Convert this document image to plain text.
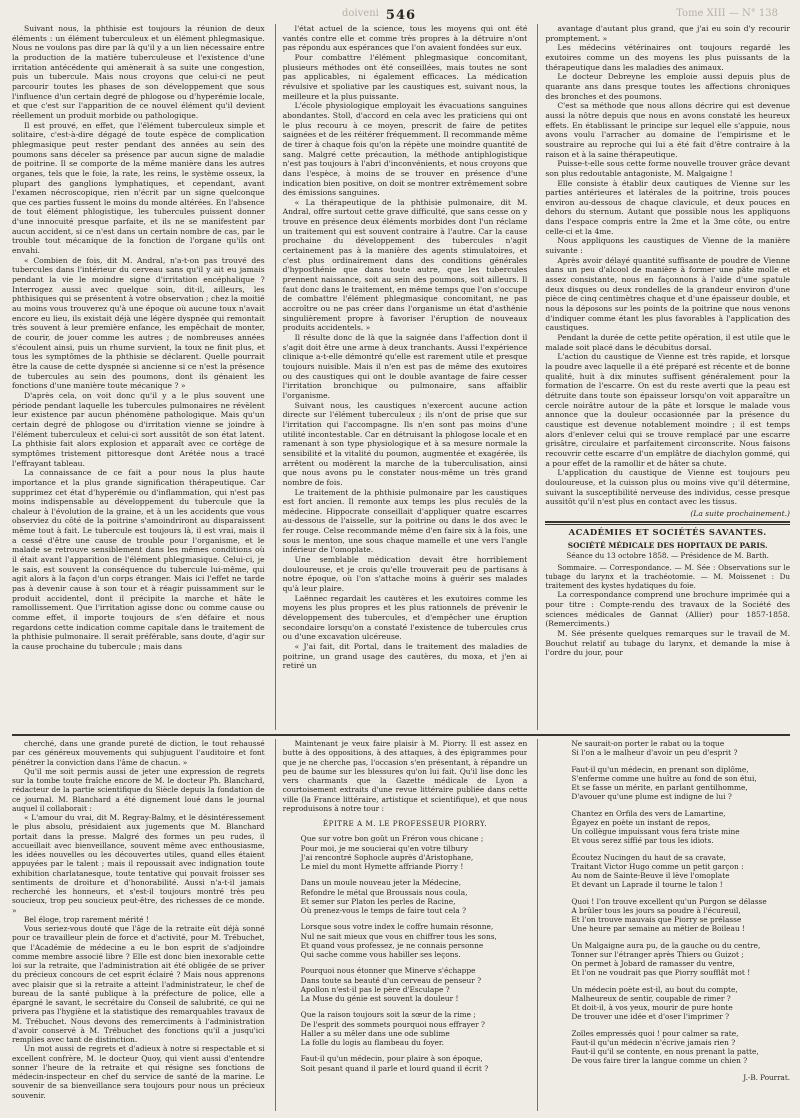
doiveni 546	Tome XIII — N° 138

Suivant nous, la phthisie est toujours la réunion de deux éléments : un élément tuberculeux et un élément phlegmasique. Nous ne voulons pas dire par là qu'il y a un lien nécessaire entre la production de la matière tuberculeuse et l'existence d'une irritation antécédente qui amènerait à sa suite une congestion, puis un tubercule. Mais nous croyons que celui-ci ne peut parcourir toutes les phases de son développement que sous l'influence d'un certain degré de phlogose ou d'hyperémie locale, et que c'est sur l'apparition de ce nouvel élément qu'il devient réellement un produit morbide ou pathologique.

Il est prouvé, en effet, que l'élément tuberculeux simple et solitaire, c'est-à-dire dégagé de toute espèce de complication phlegmasique peut rester pendant des années au sein des poumons sans déceler sa présence par aucun signe de maladie de poitrine. Il se comporte de la même manière dans les autres organes, tels que le foie, la rate, les reins, le système osseux, la plupart des ganglions lymphatiques, et cependant, avant l'examen nécroscopique, rien n'écrit par un signe quelconque que ces parties fussent le moins du monde altérées. En l'absence de tout élément phlogistique, les tubercules puissent donner d'une innocuité presque parfaite, et ils ne se manifestent par aucun accident, si ce n'est dans un certain nombre de cas, par le trouble tout mécanique de la fonction de l'organe qu'ils ont envahi.

« Combien de fois, dit M. Andral, n'a-t-on pas trouvé des tubercules dans l'intérieur du cerveau sans qu'il y ait eu jamais pendant la vie le moindre signe d'irritation encéphalique ? Interrogez aussi avec quelque soin, dit-il, ailleurs, les phthisiques qui se présentent à votre observation ; chez la moitié au moins vous trouverez qu'à une époque où aucune toux n'avait encore eu lieu, ils existait déjà une légère dyspnée qui remontait très souvent à leur première enfance, les empêchait de monter, de courir, de jouer comme les autres ; de nombreuses années s'écoulent ainsi, puis un rhume survient, la toux ne finit plus, et tous les symptômes de la phthisie se déclarent. Quelle pourrait être la cause de cette dyspnée si ancienne si ce n'est la présence de tubercules au sein des poumons, dont ils génaient les fonctions d'une manière toute mécanique ? »

D'après cela, on voit donc qu'il y a le plus souvent une période pendant laquelle les tubercules pulmonaires ne révèlent leur existence par aucun phénomène pathologique. Mais qu'un certain degré de phlogose ou d'irritation vienne se joindre à l'élément tuberculeux et celui-ci sort aussitôt de son état latent. La phthisie fait alors explosion et apparaît avec ce cortège de symptômes tristement pittoresque dont Arétée nous a tracé l'effrayant tableau.

La connaissance de ce fait a pour nous la plus haute importance et la plus grande signification thérapeutique. Car supprimez cet état d'hyperémie ou d'inflammation, qui n'est pas moins indispensable au développement du tubercule que la chaleur à l'évolution de la graine, et à un les accidents que vous observiez du côté de la poitrine s'amoindriront au disparaissent même tout à fait. Le tubercule est toujours là, il est vrai, mais il a cessé d'être une cause de trouble pour l'organisme, et le malade se retrouve sensiblement dans les mêmes conditions où il était avant l'apparition de l'élément phlegmasique. Celui-ci, je le sais, est souvent la conséquence du tubercule lui-même, qui agit alors à la façon d'un corps étranger. Mais ici l'effet ne tarde pas à devenir cause à son tour et à réagir puissamment sur le produit accidentel, dont il précipite la marche et hâte le ramollissement. Que l'irritation agisse donc ou comme cause ou comme effet, il importe toujours de s'en défaire et nous regardons cette indication comme capitale dans le traitement de la phthisie pulmonaire. Il serait préférable, sans doute, d'agir sur la cause prochaine du tubercule ; mais dans

l'état actuel de la science, tous les moyens qui ont été vantés contre elle et comme très propres à la détruire n'ont pas répondu aux espérances que l'on avaient fondées sur eux.

Pour combattre l'élément phlegmasique concomitant, plusieurs méthodes ont été conseillées, mais toutes ne sont pas applicables, ni également efficaces. La médication révulsive et spoliative par les caustiques est, suivant nous, la meilleure et la plus puissante.

L'école physiologique employait les évacuations sanguines abondantes. Stoll, d'accord en cela avec les praticiens qui ont le plus recouru à ce moyen, prescrit de faire de petites saignées et de les réitérer fréquemment. Il recommande même de tirer à chaque fois qu'on la répète une moindre quantité de sang. Malgré cette précaution, la méthode antiphlogistique n'est pas toujours à l'abri d'inconvénients, et nous croyons que dans l'espèce, à moins de se trouver en présence d'une indication bien positive, on doit se montrer extrêmement sobre des émissions sanguines.

« La thérapeutique de la phthisie pulmonaire, dit M. Andral, offre surtout cette grave difficulté, que sans cesse on y trouve en présence deux éléments morbides dont l'un réclame un traitement qui est souvent contraire à l'autre. Car la cause prochaine du développement des tubercules n'agit certainement pas à la manière des agents stimulatoires, et c'est plus ordinairement dans des conditions générales d'hyposthénie que dans toute autre, que les tubercules prennent naissance, soit au sein des poumons, soit ailleurs. Il faut donc dans le traitement, en même temps que l'on s'occupe de combattre l'élément phlegmasique concomitant, ne pas accroître ou ne pas créer dans l'organisme un état d'asthénie singulièrement propre à favoriser l'éruption de nouveaux produits accidentels. »

Il résulte donc de là que la saignée dans l'affection dont il s'agit doit être une arme à deux tranchants. Aussi l'expérience clinique a-t-elle démontré qu'elle est rarement utile et presque toujours nuisible. Mais il n'en est pas de même des exutoires ou des caustiques qui ont le double avantage de faire cesser l'irritation bronchique ou pulmonaire, sans affaiblir l'organisme.

Suivant nous, les caustiques n'exercent aucune action directe sur l'élément tuberculeux ; ils n'ont de prise que sur l'irritation qui l'accompagne. Ils n'en sont pas moins d'une utilité incontestable. Car en détruisant la phlogose locale et en ramenant à son type physiologique et à sa mesure normale la sensibilité et la vitalité du poumon, augmentée et exagérée, ils arrêtent ou modèrent la marche de la tuberculisation, ainsi que nous avons pu le constater nous-même un très grand nombre de fois.

Le traitement de la phthisie pulmonaire par les caustiques est fort ancien. Il remonte aux temps les plus reculés de la médecine. Hippocrate conseillait d'appliquer quatre escarres au-dessous de l'aisselle, sur la poitrine ou dans le dos avec le fer rouge. Celse recommande même d'en faire six à la fois, une sous le menton, une sous chaque mamelle et une vers l'angle inférieur de l'omoplate.

Une semblable médication devait être horriblement douloureuse, et je crois qu'elle trouverait peu de partisans à notre époque, où l'on s'attache moins à guérir ses malades qu'à leur plaire.

Laënnec regardait les cautères et les exutoires comme les moyens les plus propres et les plus rationnels de prévenir le développement des tubercules, et d'empêcher une éruption secondaire lorsqu'on a constaté l'existence de tubercules crus ou d'une excavation ulcéreuse.

« J'ai fait, dit Portal, dans le traitement des maladies de poitrine, un grand usage des cautères, du moxa, et j'en ai retiré un

avantage d'autant plus grand, que j'ai eu soin d'y recourir promptement. »

Les médecins vétérinaires ont toujours regardé les exutoires comme un des moyens les plus puissants de la thérapeutique dans les maladies des animaux.

Le docteur Debreyne les emploie aussi depuis plus de quarante ans dans presque toutes les affections chroniques des bronches et des poumons.

C'est sa méthode que nous allons décrire qui est devenue aussi la nôtre depuis que nous en avons constaté les heureux effets. En établissant le principe sur lequel elle s'appuie, nous avons voulu l'arracher au domaine de l'empirisme et le soustraire au reproche qui lui a été fait d'être contraire à la raison et à la saine thérapeutique.

Puisse-t-elle sous cette forme nouvelle trouver grâce devant son plus redoutable antagoniste, M. Malgaigne !

Elle consiste à établir deux cautiques de Vienne sur les parties antérieures et latérales de la poitrine, trois pouces environ au-dessous de chaque clavicule, et deux pouces en dehors du sternum. Autant que possible nous les appliquons dans l'espace compris entre la 2me et la 3me côte, ou entre celle-ci et la 4me.

Nous appliquons les caustiques de Vienne de la manière suivante :

Après avoir délayé quantité suffisante de poudre de Vienne dans un peu d'alcool de manière à former une pâte molle et assez consistante, nous en façonnons à l'aide d'une spatule deux disques ou deux rondelles de la grandeur environ d'une pièce de cinq centimètres chaque et d'une épaisseur double, et nous la déposons sur les points de la poitrine que nous venons d'indiquer comme étant les plus favorables à l'application des caustiques.

Pendant la durée de cette petite opération, il est utile que le malade soit placé dans le décubitus dorsal.

L'action du caustique de Vienne est très rapide, et lorsque la poudre avec laquelle il a été préparé est récente et de bonne qualité, huit à dix minutes suffisent généralement pour la formation de l'escarre. On est du reste averti que la peau est détruite dans toute son épaisseur lorsqu'on voit apparaître un cercle noirâtre autour de la pâte et lorsque le malade vous annonce que la douleur occasionnée par la présence du caustique est devenue notablement moindre ; il est temps alors d'enlever celui qui se trouve remplacé par une escarre grisâtre, circulaire et parfaitement circonscrite. Nous faisons recouvrir cette escarre d'un emplâtre de diachylon gommé, qui a pour effet de la ramollir et de hâter sa chute.

L'application du caustique de Vienne est toujours peu douloureuse, et la cuisson plus ou moins vive qu'il détermine, suivant la susceptibilité nerveuse des individus, cesse presque aussitôt qu'il n'est plus en contact avec les tissus.

(La suite prochainement.)
ACADÉMIES ET SOCIÉTÉS SAVANTES.
SOCIÉTÉ MÉDICALE DES HOPITAUX DE PARIS.
Séance du 13 octobre 1858. — Présidence de M. Barth.

Sommaire. — Correspondance. — M. Sée : Observations sur le tubage du larynx et la trachéotomie. — M. Moissenet : Du traitement des kystes hydatiques du foie.

La correspondance comprend une brochure imprimée qui a pour titre : Compte-rendu des travaux de la Société des sciences médicales de Gannat (Allier) pour 1857-1858. (Remerciments.)

M. Sée présente quelques remarques sur le travail de M. Bouchut relatif au tubage du larynx, et demande la mise à l'ordre du jour, pour

cherché, dans une grande pureté de diction, le tout rehaussé par ces généreux mouvements qui subjuguent l'auditoire et font pénétrer la conviction dans l'âme de chacun. »

Qu'il me soit permis aussi de jeter une expression de regrets sur la tombe toute fraîche encore de M. le docteur Ph. Blanchard, rédacteur de la partie scientifique du Siècle depuis la fondation de ce journal. M. Blanchard a été dignement loué dans le journal auquel il collaborait :

« L'amour du vrai, dit M. Regray-Balmy, et le désintéressement le plus absolu, présidaient aux jugements que M. Blanchard portait dans la presse. Malgré des formes un peu rudes, il accueillait avec bienveillance, souvent même avec enthousiasme, les idées nouvelles ou les découvertes utiles, quand elles étaient appuyées par le talent ; mais il repoussait avec indignation toute exhibition charlatanesque, toute tentative qui pouvait froisser ses sentiments de droiture et d'honorabilité. Aussi n'a-t-il jamais recherché les honneurs, et s'est-il toujours montré très peu soucieux, trop peu soucieux peut-être, des richesses de ce monde. »

Bel éloge, trop rarement mérité !

Vous seriez-vous douté que l'âge de la retraite eût déjà sonné pour ce travailleur plein de force et d'activité, pour M. Trébuchet, que l'Académie de médecine a eu le bon esprit de s'adjoindre comme membre associé libre ? Elle est donc bien inexorable cette loi sur la retraite, que l'administration ait été obligée de se priver du précieux concours de cet esprit éclairé ? Mais nous apprenons avec plaisir que si la retraite a atteint l'administrateur, le chef de bureau de la santé publique à la préfecture de police, elle a épargné le savant, le secrétaire du Conseil de salubrité, ce qui ne privera pas l'hygiène et la statistique des remarquables travaux de M. Trébuchet. Nous devons des remerciments à l'administration d'avoir conservé à M. Trébuchet des fonctions qu'il a jusqu'ici remplies avec tant de distinction.

Un mot aussi de regrets et d'adieux à notre si respectable et si excellent confrère, M. le docteur Quoy, qui vient aussi d'entendre sonner l'heure de la retraite et qui résigne ses fonctions de médecin-inspecteur en chef du service de santé de la marine. Le souvenir de sa bienveillance sera toujours pour nous un précieux souvenir.

Maintenant je veux faire plaisir à M. Piorry. Il est assez en butte à des oppositions, à des attaques, à des épigrammes pour que je ne cherche pas, l'occasion s'en présentant, à répandre un peu de baume sur les blessures qu'on lui fait. Qu'il lise donc les vers charmants que la Gazette médicale de Lyon a courtoisement extraits d'une revue littéraire publiée dans cette ville (la France littéraire, artistique et scientifique), et que nous reproduisons à notre tour :

ÉPITRE A M. LE PROFESSEUR PIORRY.
Que sur votre bon goût un Fréron vous chicane ;
Pour moi, je me soucierai qu'en votre tilbury
J'ai rencontré Sophocle auprès d'Aristophane,
Le miel du mont Hymette affriande Piorry !
Dans un moule nouveau jeter la Médecine,
Refondre le métal que Broussais nous coula,
Et semer sur Platon les perles de Racine,
Où prenez-vous le temps de faire tout cela ?
Lorsque sous votre index le coffre humain résonne,
Nul ne sait mieux que vous en chiffrer tous les sons,
Et quand vous professez, je ne connais personne
Qui sache comme vous habiller ses leçons.
Pourquoi nous étonner que Minerve s'échappe
Dans toute sa beauté d'un cerveau de penseur ?
Apollon n'est-il pas le père d'Esculape ?
La Muse du génie est souvent la douleur !
Que la raison toujours soit la sœur de la rime ;
De l'esprit des sommets pourquoi nous effrayer ?
Haller a su mêler dans une ode sublime
La folle du logis au flambeau du foyer.
Faut-il qu'un médecin, pour plaire à son époque,
Soit pesant quand il parle et lourd quand il écrit ?
Ne saurait-on porter le rabat ou la toque
Si l'on a le malheur d'avoir un peu d'esprit ?
Faut-il qu'un médecin, en prenant son diplôme,
S'enferme comme une huître au fond de son étui,
Et se fasse un mérite, en parlant gentilhomme,
D'avouer qu'une plume est indigne de lui ?
Chantez en Orfila des vers de Lamartine,
Égayez en poète un instant de repos,
Un collègue impuissant vous fera triste mine
Et vous serez siffié par tous les idiots.
Écoutez Nucingen du haut de sa cravate,
Traitant Victor Hugo comme un petit garçon :
Au nom de Sainte-Beuve il lève l'omoplate
Et devant un Laprade il tourne le talon !
Quoi ! l'on trouve excellent qu'un Purgon se délasse
A brûler tous les jours sa poudre à l'écureuil,
Et l'on trouve mauvais que Piorry se prélasse
Une heure par semaine au métier de Boileau !
Un Malgaigne aura pu, de la gauche ou du centre,
Tonner sur l'étranger après Thiers ou Guizot ;
On permet à Jobard de ramasser du ventre,
Et l'on ne voudrait pas que Piorry soufflât mot !
Un médecin poète est-il, au bout du compte,
Malheureux de sentir, coupable de rimer ?
Et doit-il, à vos yeux, mourir de pure honte
De trouver une idée et d'oser l'imprimer ?
Zoïles empressés quoi ! pour calmer sa rate,
Faut-il qu'un médecin n'écrive jamais rien ?
Faut-il qu'il se contente, en nous prenant la patte,
De vous faire tirer la langue comme un chien ?
J.-B. Pourrat.
